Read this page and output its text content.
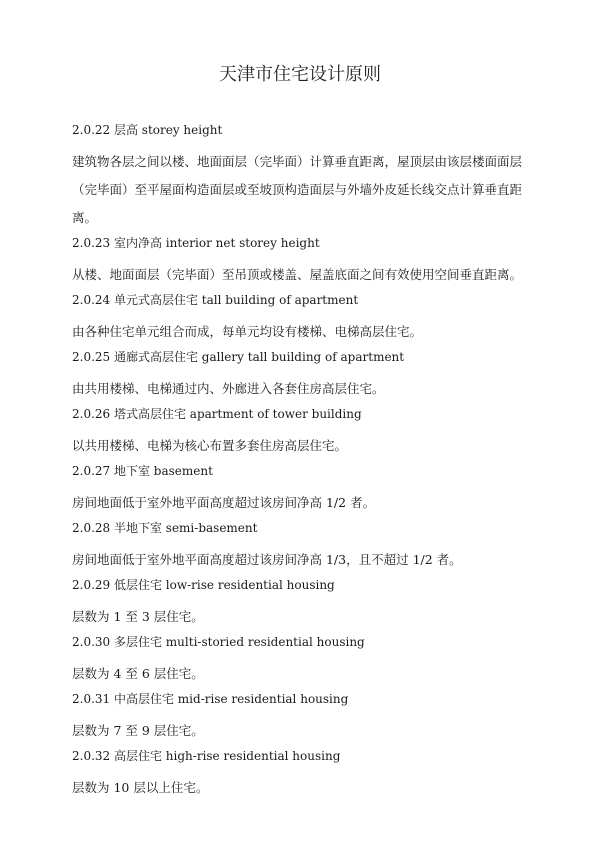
天津市住宅设计原则

2.0.22 层高 storey height

建筑物各层之间以楼、地面面层（完毕面）计算垂直距离，屋顶层由该层楼面面层（完毕面）至平屋面构造面层或至坡顶构造面层与外墙外皮延长线交点计算垂直距离。

2.0.23 室内净高 interior net storey height

从楼、地面面层（完毕面）至吊顶或楼盖、屋盖底面之间有效使用空间垂直距离。

2.0.24 单元式高层住宅 tall building of apartment

由各种住宅单元组合而成，每单元均设有楼梯、电梯高层住宅。

2.0.25 通廊式高层住宅 gallery tall building of apartment

由共用楼梯、电梯通过内、外廊进入各套住房高层住宅。

2.0.26 塔式高层住宅 apartment of tower building

以共用楼梯、电梯为核心布置多套住房高层住宅。

2.0.27 地下室 basement

房间地面低于室外地平面高度超过该房间净高 1/2 者。

2.0.28 半地下室 semi-basement

房间地面低于室外地平面高度超过该房间净高 1/3，且不超过 1/2 者。

2.0.29 低层住宅 low-rise residential housing

层数为 1 至 3 层住宅。

2.0.30 多层住宅 multi-storied residential housing

层数为 4 至 6 层住宅。

2.0.31 中高层住宅 mid-rise residential housing

层数为 7 至 9 层住宅。

2.0.32 高层住宅 high-rise residential housing

层数为 10 层以上住宅。
